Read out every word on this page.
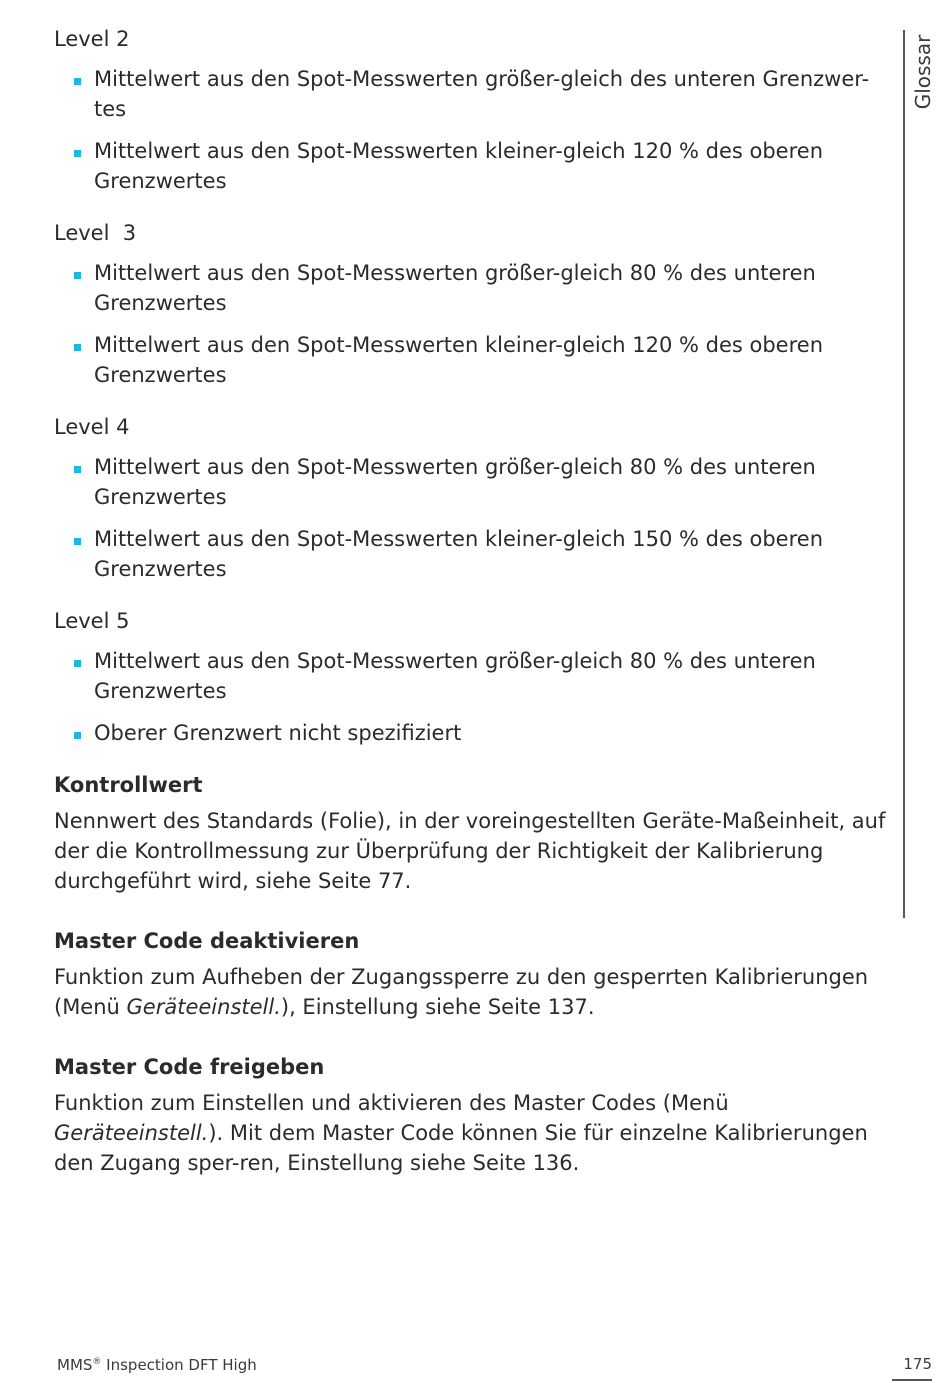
Glossar

Level 2

Mittelwert aus den Spot-Messwerten größer-gleich des unteren Grenzwer-
tes
Mittelwert aus den Spot-Messwerten kleiner-gleich 120 % des oberen Grenzwertes

Level  3

Mittelwert aus den Spot-Messwerten größer-gleich 80 % des unteren Grenzwertes
Mittelwert aus den Spot-Messwerten kleiner-gleich 120 % des oberen Grenzwertes

Level 4

Mittelwert aus den Spot-Messwerten größer-gleich 80 % des unteren Grenzwertes
Mittelwert aus den Spot-Messwerten kleiner-gleich 150 % des oberen Grenzwertes

Level 5

Mittelwert aus den Spot-Messwerten größer-gleich 80 % des unteren Grenzwertes
Oberer Grenzwert nicht spezifiziert

Kontrollwert

Nennwert des Standards (Folie), in der voreingestellten Geräte-Maßeinheit, auf der die Kontrollmessung zur Überprüfung der Richtigkeit der Kalibrierung durchgeführt wird, siehe Seite 77.

Master Code deaktivieren

Funktion zum Aufheben der Zugangssperre zu den gesperrten Kalibrierungen (Menü Geräteeinstell.), Einstellung siehe Seite 137.

Master Code freigeben

Funktion zum Einstellen und aktivieren des Master Codes (Menü Geräteeinstell.). Mit dem Master Code können Sie für einzelne Kalibrierungen den Zugang sper-ren, Einstellung siehe Seite 136.

MMS® Inspection DFT High	175
